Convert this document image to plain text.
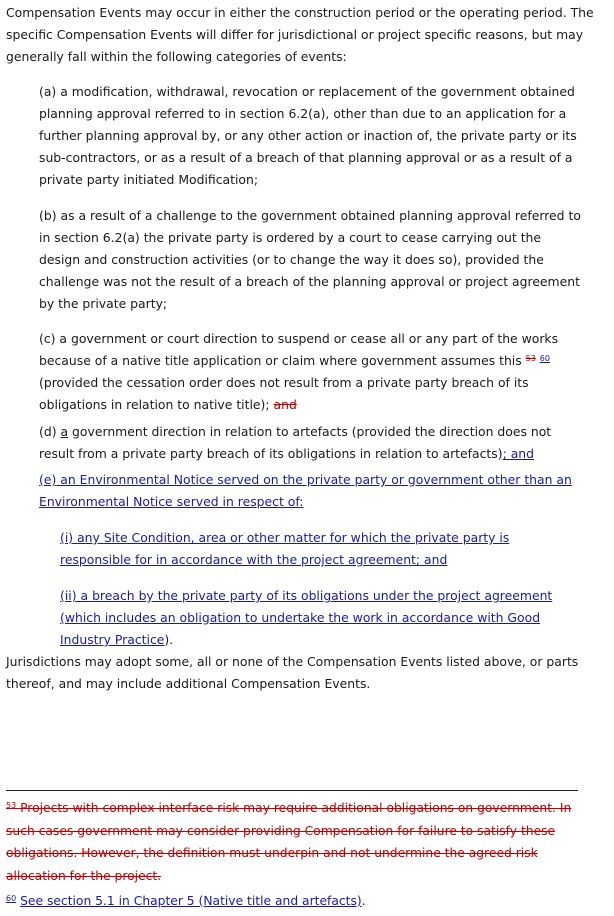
Compensation Events may occur in either the construction period or the operating period. The specific Compensation Events will differ for jurisdictional or project specific reasons, but may generally fall within the following categories of events:

(a) a modification, withdrawal, revocation or replacement of the government obtained planning approval referred to in section 6.2(a), other than due to an application for a further planning approval by, or any other action or inaction of, the private party or its sub-contractors, or as a result of a breach of that planning approval or as a result of a private party initiated Modification;

(b) as a result of a challenge to the government obtained planning approval referred to in section 6.2(a) the private party is ordered by a court to cease carrying out the design and construction activities (or to change the way it does so), provided the challenge was not the result of a breach of the planning approval or project agreement by the private party;

(c) a government or court direction to suspend or cease all or any part of the works because of a native title application or claim where government assumes this $^{53}$ $^{60}$ (provided the cessation order does not result from a private party breach of its obligations in relation to native title); and

(d) a government direction in relation to artefacts (provided the direction does not result from a private party breach of its obligations in relation to artefacts); and

(e) an Environmental Notice served on the private party or government other than an Environmental Notice served in respect of:

(i) any Site Condition, area or other matter for which the private party is responsible for in accordance with the project agreement; and

(ii) a breach by the private party of its obligations under the project agreement (which includes an obligation to undertake the work in accordance with Good Industry Practice).

Jurisdictions may adopt some, all or none of the Compensation Events listed above, or parts thereof, and may include additional Compensation Events.

$^{53}$ Projects with complex interface risk may require additional obligations on government. In such cases government may consider providing Compensation for failure to satisfy these obligations. However, the definition must underpin and not undermine the agreed risk allocation for the project.

$^{60}$ See section 5.1 in Chapter 5 (Native title and artefacts).
